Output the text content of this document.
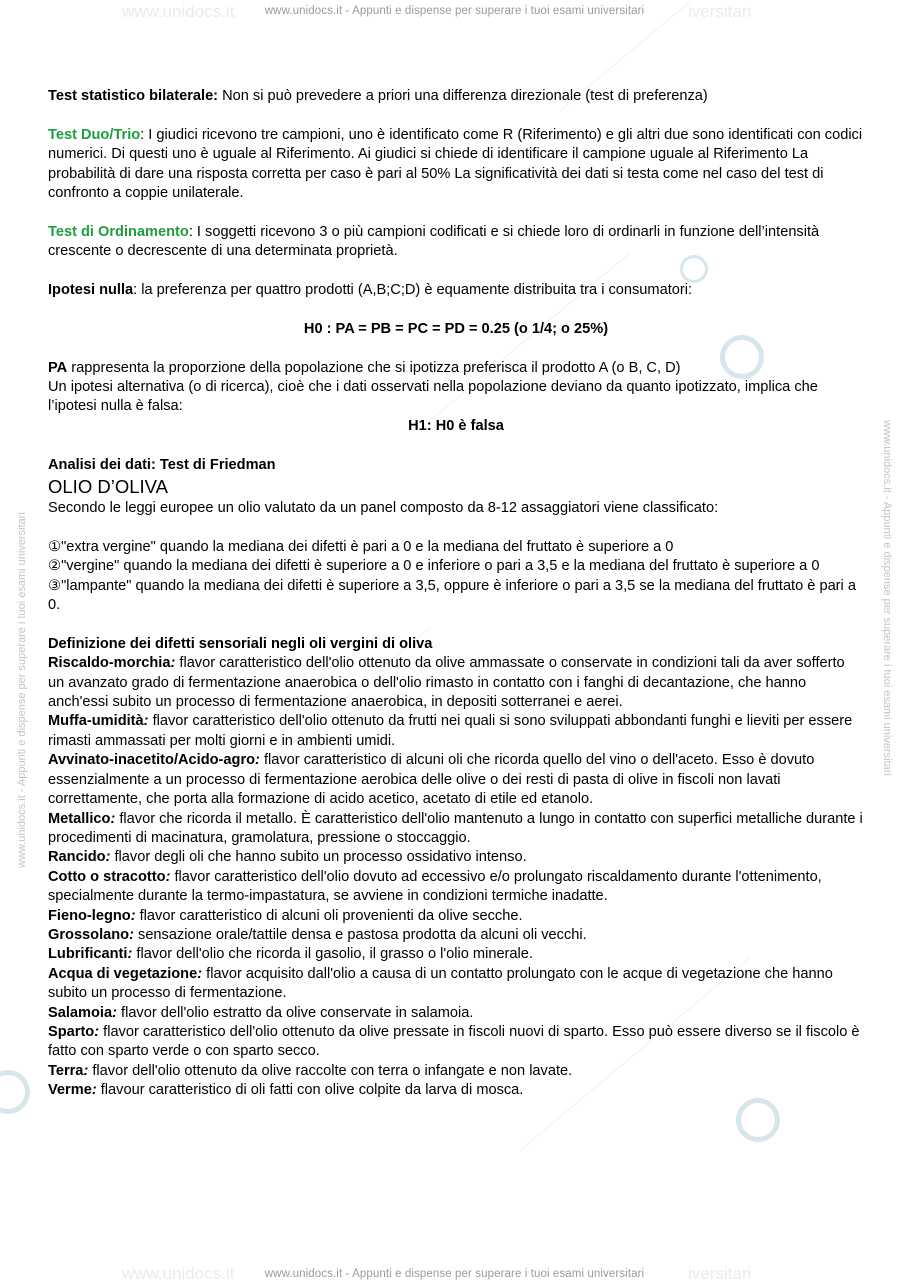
www.unidocs.it - Appunti e dispense per superare i tuoi esami universitari	www.unidocs.it - Appunti e dispense per superare i tuoi esami universitari
www.unidocs.it	iversitari
www.unidocs.it - Appunti e dispense per superare i tuoi esami universitari
www.unidocs.it	iversitari
www.unidocs.it - Appunti e dispense per superare i tuoi esami universitari

Test statistico bilaterale: Non si può prevedere a priori una differenza direzionale (test di preferenza)

Test Duo/Trio: I giudici ricevono tre campioni, uno è identificato come R (Riferimento) e gli altri due sono identificati con codici numerici. Di questi uno è uguale al Riferimento. Ai giudici si chiede di identificare il campione uguale al Riferimento La probabilità di dare una risposta corretta per caso è pari al 50% La significatività dei dati si testa come nel caso del test di confronto a coppie unilaterale.

Test di Ordinamento: I soggetti ricevono 3 o più campioni codificati e si chiede loro di ordinarli in funzione dell’intensità crescente o decrescente di una determinata proprietà.

Ipotesi nulla: la preferenza per quattro prodotti (A,B;C;D) è equamente distribuita tra i consumatori:

H0 : PA = PB = PC = PD = 0.25 (o 1/4; o 25%)

PA rappresenta la proporzione della popolazione che si ipotizza preferisca il prodotto A (o B, C, D)

Un ipotesi alternativa (o di ricerca), cioè che i dati osservati nella popolazione deviano da quanto ipotizzato, implica che l’ipotesi nulla è falsa:

H1: H0 è falsa

Analisi dei dati: Test di Friedman

OLIO D’OLIVA

Secondo le leggi europee un olio valutato da un panel composto da 8-12 assaggiatori viene classificato:

①"extra vergine" quando la mediana dei difetti è pari a 0 e la mediana del fruttato è superiore a 0

②"vergine" quando la mediana dei difetti è superiore a 0 e inferiore o pari a 3,5 e la mediana del fruttato è superiore a 0

③"lampante" quando la mediana dei difetti è superiore a 3,5, oppure è inferiore o pari a 3,5 se la mediana del fruttato è pari a 0.

Definizione dei difetti sensoriali negli oli vergini di oliva

Riscaldo-morchia: flavor caratteristico dell'olio ottenuto da olive ammassate o conservate in condizioni tali da aver sofferto un avanzato grado di fermentazione anaerobica o dell'olio rimasto in contatto con i fanghi di decantazione, che hanno anch'essi subito un processo di fermentazione anaerobica, in depositi sotterranei e aerei.

Muffa-umidità: flavor caratteristico dell'olio ottenuto da frutti nei quali si sono sviluppati abbondanti funghi e lieviti per essere rimasti ammassati per molti giorni e in ambienti umidi.

Avvinato-inacetito/Acido-agro: flavor caratteristico di alcuni oli che ricorda quello del vino o dell'aceto. Esso è dovuto essenzialmente a un processo di fermentazione aerobica delle olive o dei resti di pasta di olive in fiscoli non lavati correttamente, che porta alla formazione di acido acetico, acetato di etile ed etanolo.

Metallico: flavor che ricorda il metallo. È caratteristico dell'olio mantenuto a lungo in contatto con superfici metalliche durante i procedimenti di macinatura, gramolatura, pressione o stoccaggio.

Rancido: flavor degli oli che hanno subito un processo ossidativo intenso.

Cotto o stracotto: flavor caratteristico dell'olio dovuto ad eccessivo e/o prolungato riscaldamento durante l'ottenimento, specialmente durante la termo-impastatura, se avviene in condizioni termiche inadatte.

Fieno-legno: flavor caratteristico di alcuni oli provenienti da olive secche.

Grossolano: sensazione orale/tattile densa e pastosa prodotta da alcuni oli vecchi.

Lubrificanti: flavor dell'olio che ricorda il gasolio, il grasso o l'olio minerale.

Acqua di vegetazione: flavor acquisito dall'olio a causa di un contatto prolungato con le acque di vegetazione che hanno subito un processo di fermentazione.

Salamoia: flavor dell'olio estratto da olive conservate in salamoia.

Sparto: flavor caratteristico dell'olio ottenuto da olive pressate in fiscoli nuovi di sparto. Esso può essere diverso se il fiscolo è fatto con sparto verde o con sparto secco.

Terra: flavor dell'olio ottenuto da olive raccolte con terra o infangate e non lavate.

Verme: flavour caratteristico di oli fatti con olive colpite da larva di mosca.
